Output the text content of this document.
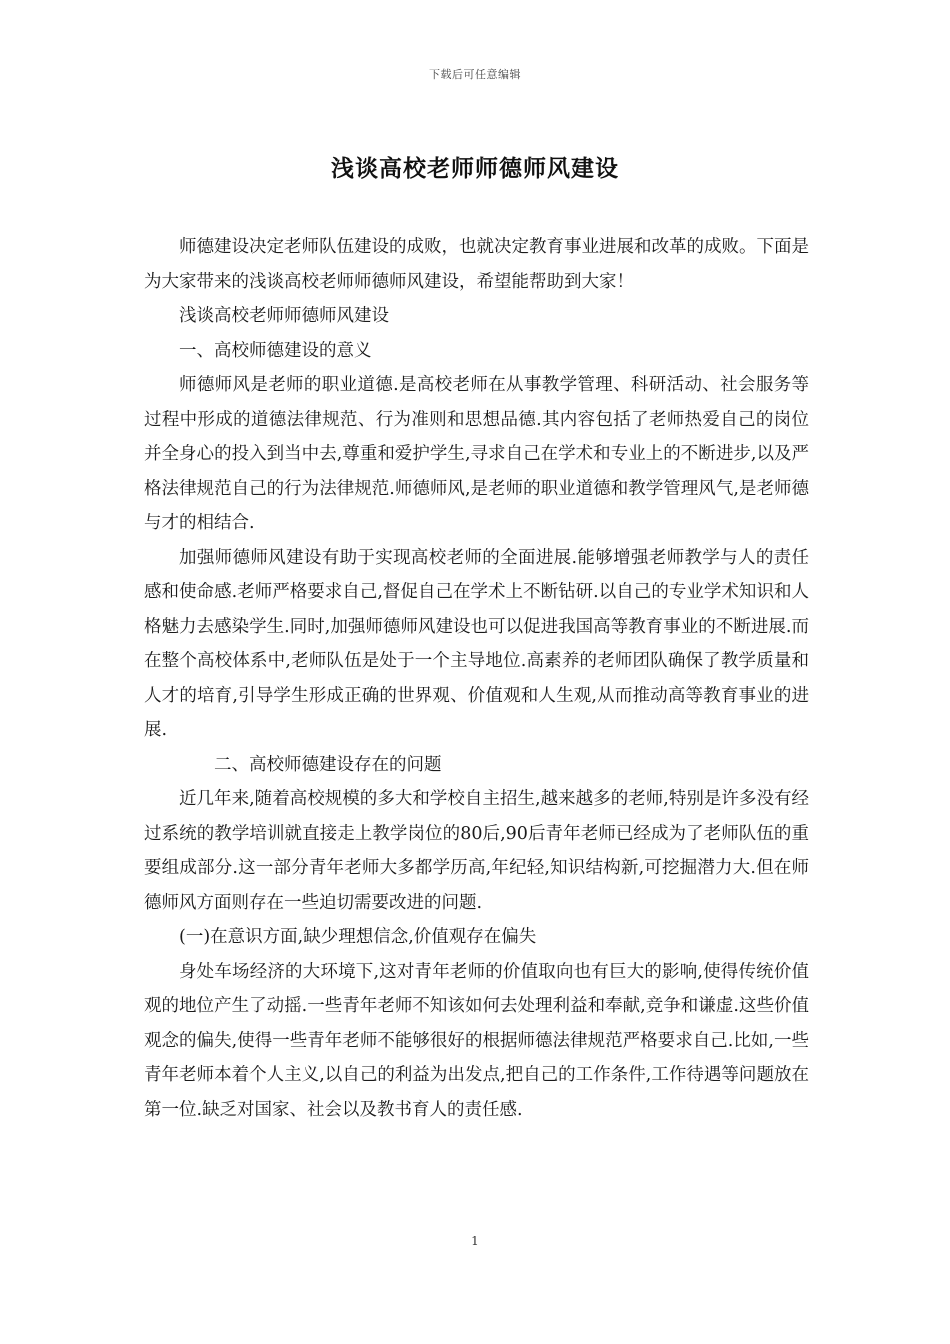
下载后可任意编辑
浅谈高校老师师德师风建设

师德建设决定老师队伍建设的成败，也就决定教育事业进展和改革的成败。下面是为大家带来的浅谈高校老师师德师风建设，希望能帮助到大家！

浅谈高校老师师德师风建设

一、高校师德建设的意义

师德师风是老师的职业道德.是高校老师在从事教学管理、科研活动、社会服务等过程中形成的道德法律规范、行为准则和思想品德.其内容包括了老师热爱自己的岗位并全身心的投入到当中去,尊重和爱护学生,寻求自己在学术和专业上的不断进步,以及严格法律规范自己的行为法律规范.师德师风,是老师的职业道德和教学管理风气,是老师德与才的相结合.

加强师德师风建设有助于实现高校老师的全面进展.能够增强老师教学与人的责任感和使命感.老师严格要求自己,督促自己在学术上不断钻研.以自己的专业学术知识和人格魅力去感染学生.同时,加强师德师风建设也可以促进我国高等教育事业的不断进展.而在整个高校体系中,老师队伍是处于一个主导地位.高素养的老师团队确保了教学质量和人才的培育,引导学生形成正确的世界观、价值观和人生观,从而推动高等教育事业的进展.

二、高校师德建设存在的问题

近几年来,随着高校规模的多大和学校自主招生,越来越多的老师,特别是许多没有经过系统的教学培训就直接走上教学岗位的80后,90后青年老师已经成为了老师队伍的重要组成部分.这一部分青年老师大多都学历高,年纪轻,知识结构新,可挖掘潜力大.但在师德师风方面则存在一些迫切需要改进的问题.

(一)在意识方面,缺少理想信念,价值观存在偏失

身处车场经济的大环境下,这对青年老师的价值取向也有巨大的影响,使得传统价值观的地位产生了动摇.一些青年老师不知该如何去处理利益和奉献,竞争和谦虚.这些价值观念的偏失,使得一些青年老师不能够很好的根据师德法律规范严格要求自己.比如,一些青年老师本着个人主义,以自己的利益为出发点,把自己的工作条件,工作待遇等问题放在第一位.缺乏对国家、社会以及教书育人的责任感.

1
